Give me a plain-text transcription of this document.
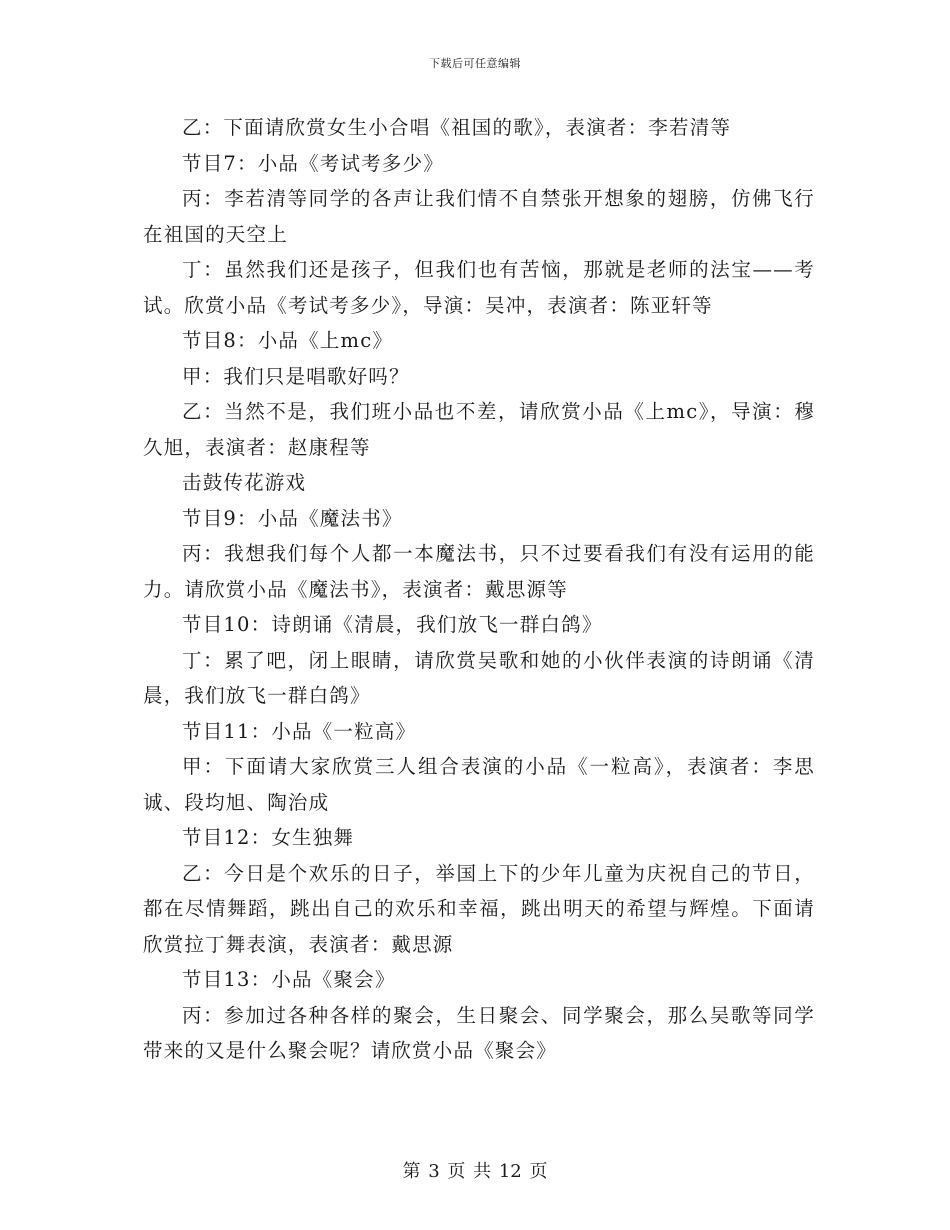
下载后可任意编辑

乙：下面请欣赏女生小合唱《祖国的歌》，表演者：李若清等

节目7：小品《考试考多少》

丙：李若清等同学的各声让我们情不自禁张开想象的翅膀，仿佛飞行在祖国的天空上

丁：虽然我们还是孩子，但我们也有苦恼，那就是老师的法宝——考试。欣赏小品《考试考多少》，导演：吴冲，表演者：陈亚轩等

节目8：小品《上mc》

甲：我们只是唱歌好吗？

乙：当然不是，我们班小品也不差，请欣赏小品《上mc》，导演：穆久旭，表演者：赵康程等

击鼓传花游戏

节目9：小品《魔法书》

丙：我想我们每个人都一本魔法书，只不过要看我们有没有运用的能力。请欣赏小品《魔法书》，表演者：戴思源等

节目10：诗朗诵《清晨，我们放飞一群白鸽》

丁：累了吧，闭上眼睛，请欣赏吴歌和她的小伙伴表演的诗朗诵《清晨，我们放飞一群白鸽》

节目11：小品《一粒高》

甲：下面请大家欣赏三人组合表演的小品《一粒高》，表演者：李思诚、段均旭、陶治成

节目12：女生独舞

乙：今日是个欢乐的日子，举国上下的少年儿童为庆祝自己的节日，都在尽情舞蹈，跳出自己的欢乐和幸福，跳出明天的希望与辉煌。下面请欣赏拉丁舞表演，表演者：戴思源

节目13：小品《聚会》

丙：参加过各种各样的聚会，生日聚会、同学聚会，那么吴歌等同学带来的又是什么聚会呢？请欣赏小品《聚会》

第 3 页 共 12 页
